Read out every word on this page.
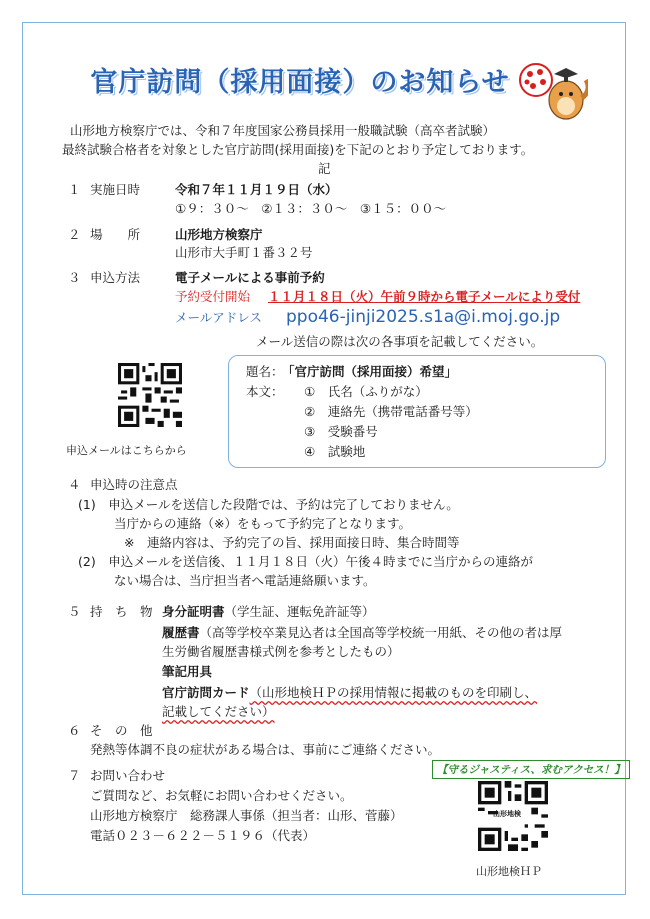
官庁訪問（採用面接）のお知らせ
山形地方検察庁では、令和７年度国家公務員採用一般職試験（高卒者試験）
最終試験合格者を対象とした官庁訪問(採用面接)を下記のとおり予定しております。
記
１ 実施日時	令和７年１１月１９日（水）
①９：３０～　②１３：３０～　③１５：００～
２ 場　　所	山形地方検察庁
山形市大手町１番３２号
３ 申込方法	電子メールによる事前予約
予約受付開始 １１月１８日（火）午前９時から電子メールにより受付
メールアドレス ppo46-jinji2025.s1a@i.moj.go.jp
メール送信の際は次の各事項を記載してください。
申込メールはこちらから
題名：
「官庁訪問（採用面接）希望」
本文： ①　氏名（ふりがな）
②　連絡先（携帯電話番号等）
③　受験番号
④　試験地
４ 申込時の注意点
(1)　申込メールを送信した段階では、予約は完了しておりません。
当庁からの連絡（※）をもって予約完了となります。
※　連絡内容は、予約完了の旨、採用面接日時、集合時間等
(2)　申込メールを送信後、１１月１８日（火）午後４時までに当庁からの連絡が
ない場合は、当庁担当者へ電話連絡願います。
５ 持　ち　物 身分証明書（学生証、運転免許証等）
履歴書（高等学校卒業見込者は全国高等学校統一用紙、その他の者は厚
生労働省履歴書様式例を参考としたもの）
筆記用具
官庁訪問カード（山形地検ＨＰの採用情報に掲載のものを印刷し、
記載してください）
６ そ　の　他
発熱等体調不良の症状がある場合は、事前にご連絡ください。
７ お問い合わせ
ご質問など、お気軽にお問い合わせください。
山形地方検察庁　総務課人事係（担当者：山形、菅藤）
電話０２３－６２２－５１９６（代表）
【守るジャスティス、求むアクセス！】
山形地検
山形地検ＨＰ
